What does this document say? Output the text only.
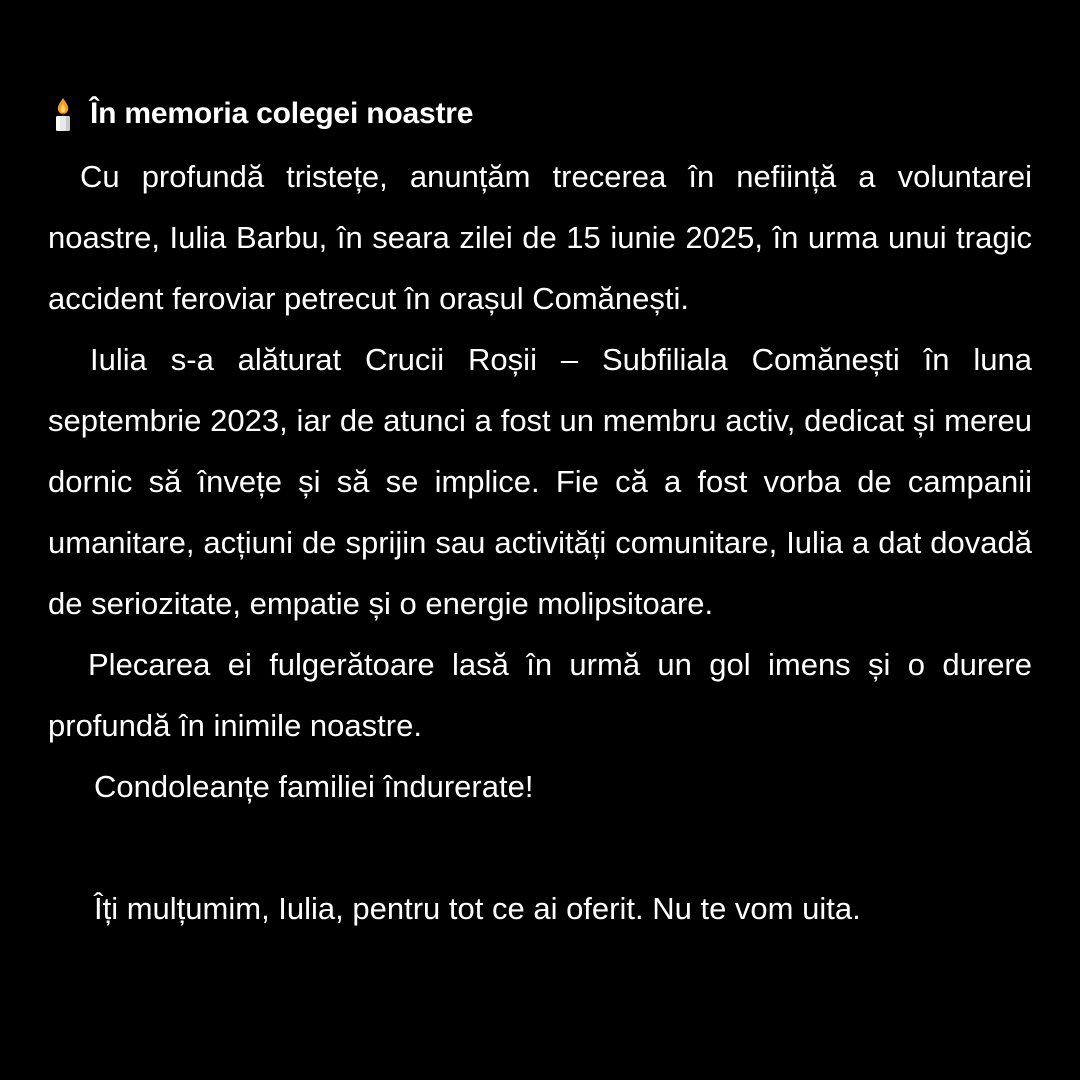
În memoria colegei noastre

Cu profundă tristețe, anunțăm trecerea în neființă a voluntarei noastre, Iulia Barbu, în seara zilei de 15 iunie 2025, în urma unui tragic accident feroviar petrecut în orașul Comănești.

Iulia s-a alăturat Crucii Roșii – Subfiliala Comănești în luna septembrie 2023, iar de atunci a fost un membru activ, dedicat și mereu dornic să învețe și să se implice. Fie că a fost vorba de campanii umanitare, acțiuni de sprijin sau activități comunitare, Iulia a dat dovadă de seriozitate, empatie și o energie molipsitoare.

Plecarea ei fulgerătoare lasă în urmă un gol imens și o durere profundă în inimile noastre.

Condoleanțe familiei îndurerate!

Îți mulțumim, Iulia, pentru tot ce ai oferit. Nu te vom uita.
